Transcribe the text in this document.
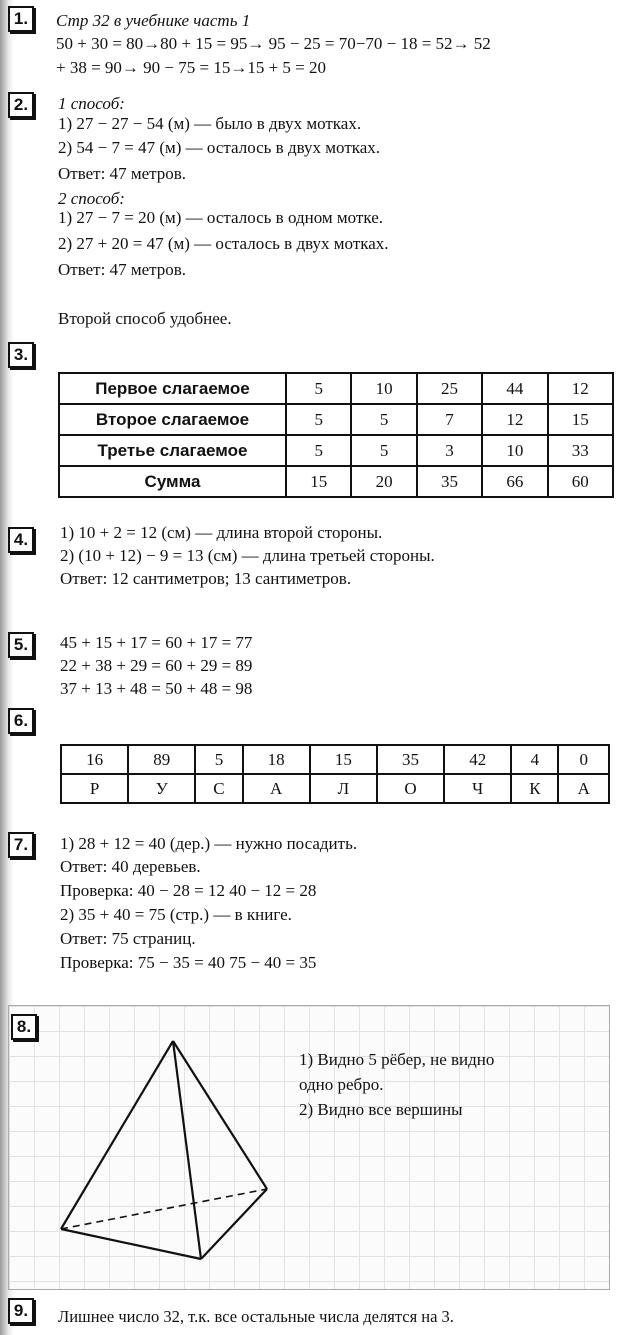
1.	Стр 32 в учебнике часть 1
50 + 30 = 80→80 + 15 = 95→ 95 − 25 = 70−70 − 18 = 52→ 52
+ 38 = 90→ 90 − 75 = 15→15 + 5 = 20
2.	1 способ:
1) 27 − 27 − 54 (м) — было в двух мотках.
2) 54 − 7 = 47 (м) — осталось в двух мотках.
Ответ: 47 метров.
2 способ:
1) 27 − 7 = 20 (м) — осталось в одном мотке.
2) 27 + 20 = 47 (м) — осталось в двух мотках.
Ответ: 47 метров.
Второй способ удобнее.
3.
Первое слагаемое	5	10	25	44	12
Второе слагаемое	5	5	7	12	15
Третье слагаемое	5	5	3	10	33
Сумма	15	20	35	66	60
4.	1) 10 + 2 = 12 (см) — длина второй стороны.
2) (10 + 12) − 9 = 13 (см) — длина третьей стороны.
Ответ: 12 сантиметров; 13 сантиметров.
5.	45 + 15 + 17 = 60 + 17 = 77
22 + 38 + 29 = 60 + 29 = 89
37 + 13 + 48 = 50 + 48 = 98
6.
16	89	5	18	15	35	42	4	0
Р	У	С	А	Л	О	Ч	К	А
7.	1) 28 + 12 = 40 (дер.) — нужно посадить.
Ответ: 40 деревьев.
Проверка: 40 − 28 = 12 40 − 12 = 28
2) 35 + 40 = 75 (стр.) — в книге.
Ответ: 75 страниц.
Проверка: 75 − 35 = 40 75 − 40 = 35
8.
1) Видно 5 рёбер, не видно
одно ребро.
2) Видно все вершины
9.	Лишнее число 32, т.к. все остальные числа делятся на 3.
